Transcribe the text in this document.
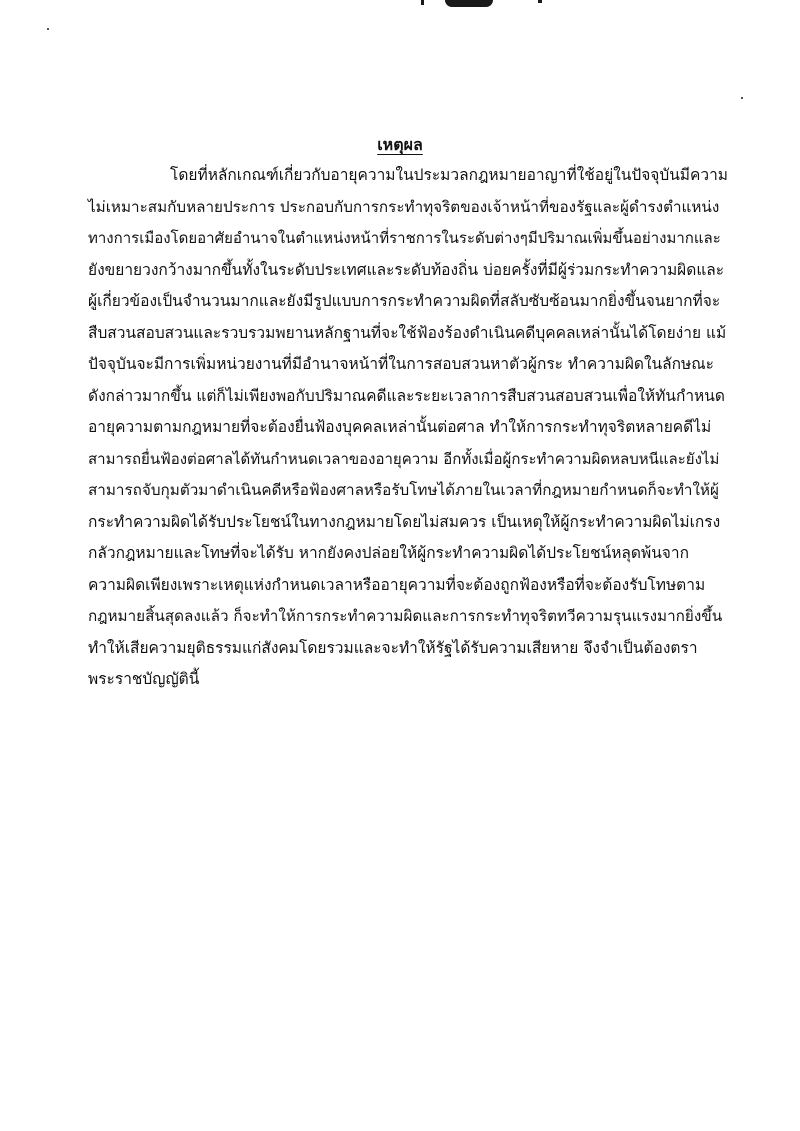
เหตุผล
โดยที่หลักเกณฑ์เกี่ยวกับอายุความในประมวลกฎหมายอาญาที่ใช้อยู่ในปัจจุบันมีความ
ไม่เหมาะสมกับหลายประการ ประกอบกับการกระทำทุจริตของเจ้าหน้าที่ของรัฐและผู้ดำรงตำแหน่ง
ทางการเมืองโดยอาศัยอำนาจในตำแหน่งหน้าที่ราชการในระดับต่างๆมีปริมาณเพิ่มขึ้นอย่างมากและ
ยังขยายวงกว้างมากขึ้นทั้งในระดับประเทศและระดับท้องถิ่น บ่อยครั้งที่มีผู้ร่วมกระทำความผิดและ
ผู้เกี่ยวข้องเป็นจำนวนมากและยังมีรูปแบบการกระทำความผิดที่สลับซับซ้อนมากยิ่งขึ้นจนยากที่จะ
สืบสวนสอบสวนและรวบรวมพยานหลักฐานที่จะใช้ฟ้องร้องดำเนินคดีบุคคลเหล่านั้นได้โดยง่าย แม้
ปัจจุบันจะมีการเพิ่มหน่วยงานที่มีอำนาจหน้าที่ในการสอบสวนหาตัวผู้กระ ทำความผิดในลักษณะ
ดังกล่าวมากขึ้น แต่ก็ไม่เพียงพอกับปริมาณคดีและระยะเวลาการสืบสวนสอบสวนเพื่อให้ทันกำหนด
อายุความตามกฎหมายที่จะต้องยื่นฟ้องบุคคลเหล่านั้นต่อศาล ทำให้การกระทำทุจริตหลายคดีไม่
สามารถยื่นฟ้องต่อศาลได้ทันกำหนดเวลาของอายุความ อีกทั้งเมื่อผู้กระทำความผิดหลบหนีและยังไม่
สามารถจับกุมตัวมาดำเนินคดีหรือฟ้องศาลหรือรับโทษได้ภายในเวลาที่กฎหมายกำหนดก็จะทำให้ผู้
กระทำความผิดได้รับประโยชน์ในทางกฎหมายโดยไม่สมควร เป็นเหตุให้ผู้กระทำความผิดไม่เกรง
กลัวกฎหมายและโทษที่จะได้รับ หากยังคงปล่อยให้ผู้กระทำความผิดได้ประโยชน์หลุดพ้นจาก
ความผิดเพียงเพราะเหตุแห่งกำหนดเวลาหรืออายุความที่จะต้องถูกฟ้องหรือที่จะต้องรับโทษตาม
กฎหมายสิ้นสุดลงแล้ว ก็จะทำให้การกระทำความผิดและการกระทำทุจริตทวีความรุนแรงมากยิ่งขึ้น
ทำให้เสียความยุติธรรมแก่สังคมโดยรวมและจะทำให้รัฐได้รับความเสียหาย จึงจำเป็นต้องตรา
พระราชบัญญัตินี้
